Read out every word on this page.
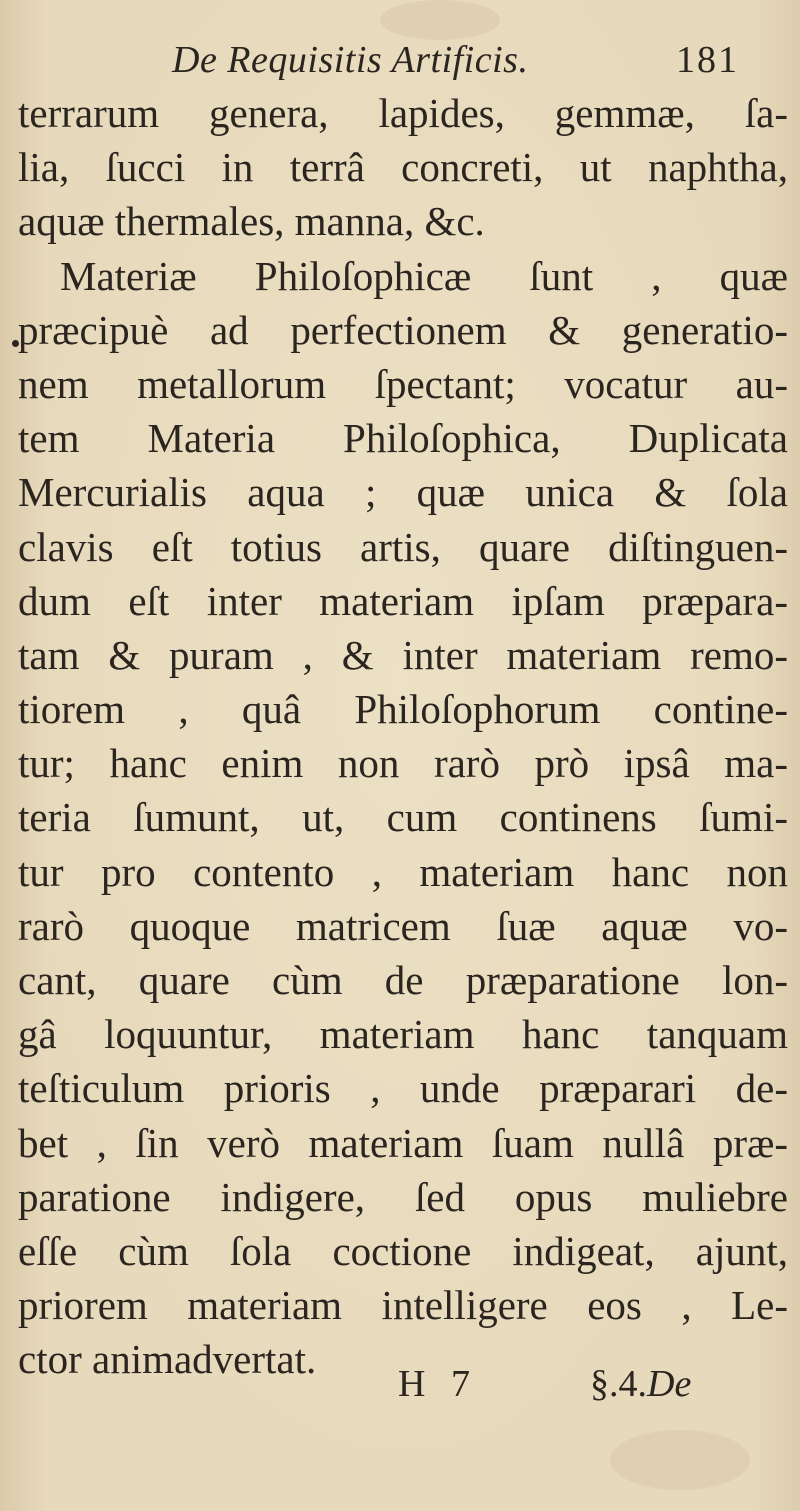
De Requisitis Artificis.	181
terrarum genera, lapides, gemmæ, ſa-
lia, ſucci in terrâ concreti, ut naphtha,
aquæ thermales, manna, &c.
Materiæ Philoſophicæ ſunt , quæ
præcipuè ad perfectionem & generatio-
nem metallorum ſpectant; vocatur au-
tem Materia Philoſophica, Duplicata
Mercurialis aqua ; quæ unica & ſola
clavis eſt totius artis, quare diſtinguen-
dum eſt inter materiam ipſam præpara-
tam & puram , & inter materiam remo-
tiorem , quâ Philoſophorum continе-
tur; hanc enim non rarò prò ipsâ ma-
teria ſumunt, ut, cum continens ſumi-
tur pro contento , materiam hanc non
rarò quoque matricem ſuæ aquæ vo-
cant, quare cùm de præparatione lon-
gâ loquuntur, materiam hanc tanquam
teſticulum prioris , unde præparari de-
bet , ſin verò materiam ſuam nullâ præ-
paratione indigere, ſed opus muliebre
eſſe cùm ſola coctione indigeat, ajunt,
priorem materiam intelligere eos , Le-
ctor animadvertat.
H 7	§.4.De
